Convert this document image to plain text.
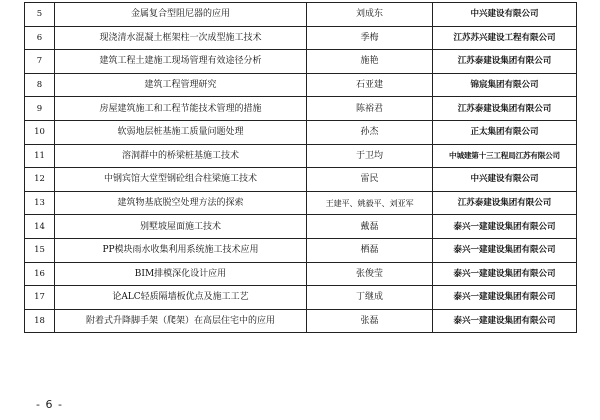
5	金属复合型阻尼器的应用	刘成东	中兴建设有限公司
6	现浇清水混凝土框架柱一次成型施工技术	季梅	江苏苏兴建设工程有限公司
7	建筑工程土建施工现场管理有效途径分析	施艳	江苏泰建设集团有限公司
8	建筑工程管理研究	石亚建	锦宸集团有限公司
9	房屋建筑施工和工程节能技术管理的措施	陈裕君	江苏泰建设集团有限公司
10	软弱地层桩基施工质量问题处理	孙杰	正太集团有限公司
11	溶洞群中的桥梁桩基施工技术	于卫均	中城建第十三工程局江苏有限公司
12	中钢宾馆大堂型钢砼组合柱梁施工技术	雷民	中兴建设有限公司
13	建筑物基底脱空处理方法的探索	王建平、姚毅平、刘亚军	江苏泰建设集团有限公司
14	别墅坡屋面施工技术	戴磊	泰兴一建建设集团有限公司
15	PP模块雨水收集利用系统施工技术应用	栖磊	泰兴一建建设集团有限公司
16	BIM排模深化设计应用	张俊莹	泰兴一建建设集团有限公司
17	论ALC轻质隔墙板优点及施工工艺	丁继成	泰兴一建建设集团有限公司
18	附着式升降脚手架（爬架）在高层住宅中的应用	张磊	泰兴一建建设集团有限公司
- 6 -
